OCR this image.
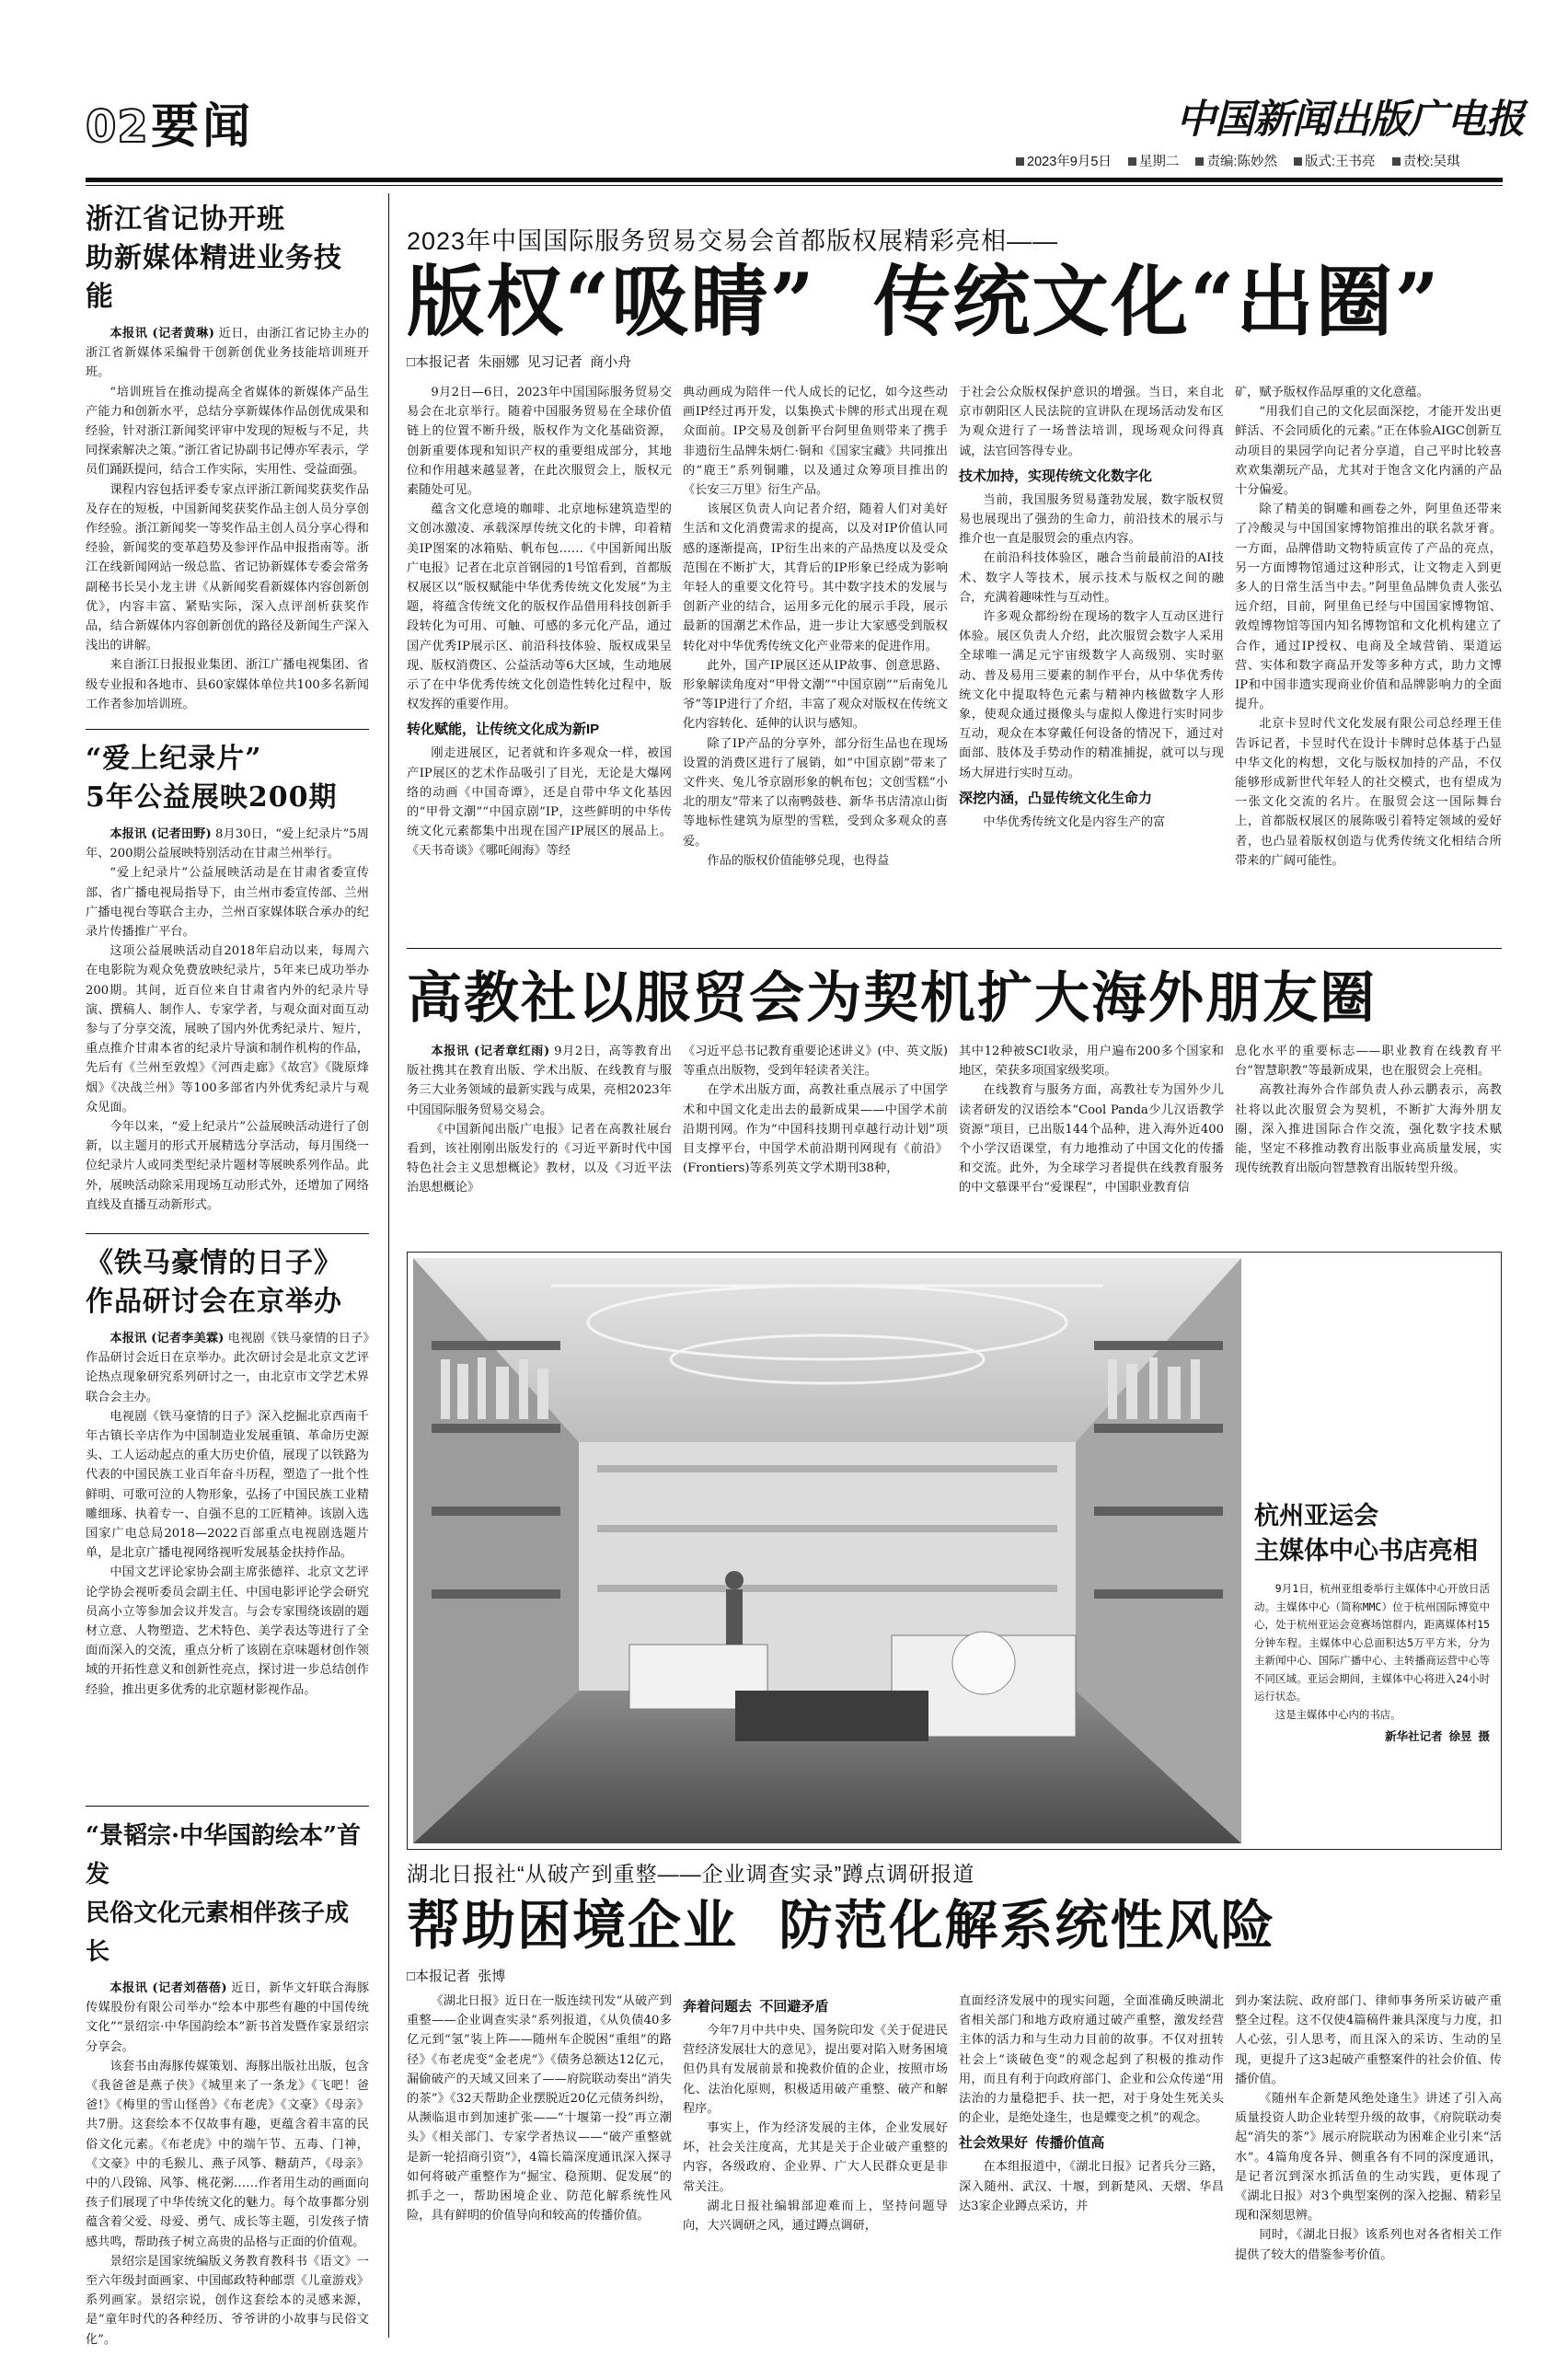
02 要闻	中国新闻出版广电报
2023年9月5日 星期二 责编:陈妙然 版式:王书亮 责校:吴琪

浙江省记协开班

助新媒体精进业务技能

本报讯 (记者黄琳) 近日，由浙江省记协主办的浙江省新媒体采编骨干创新创优业务技能培训班开班。

“培训班旨在推动提高全省媒体的新媒体产品生产能力和创新水平，总结分享新媒体作品创优成果和经验，针对浙江新闻奖评审中发现的短板与不足，共同探索解决之策。”浙江省记协副书记傅亦军表示，学员们踊跃提问，结合工作实际，实用性、受益面强。

课程内容包括评委专家点评浙江新闻奖获奖作品及存在的短板，中国新闻奖获奖作品主创人员分享创作经验。浙江新闻奖一等奖作品主创人员分享心得和经验，新闻奖的变革趋势及参评作品申报指南等。浙江在线新闻网站一级总监、省记协新媒体专委会常务副秘书长吴小龙主讲《从新闻奖看新媒体内容创新创优》，内容丰富、紧贴实际，深入点评剖析获奖作品，结合新媒体内容创新创优的路径及新闻生产深入浅出的讲解。

来自浙江日报报业集团、浙江广播电视集团、省级专业报和各地市、县60家媒体单位共100多名新闻工作者参加培训班。

“爱上纪录片”

5年公益展映200期

本报讯 (记者田野) 8月30日，“爱上纪录片”5周年、200期公益展映特别活动在甘肃兰州举行。

“爱上纪录片”公益展映活动是在甘肃省委宣传部、省广播电视局指导下，由兰州市委宣传部、兰州广播电视台等联合主办，兰州百家媒体联合承办的纪录片传播推广平台。

这项公益展映活动自2018年启动以来，每周六在电影院为观众免费放映纪录片，5年来已成功举办200期。其间，近百位来自甘肃省内外的纪录片导演、撰稿人、制作人、专家学者，与观众面对面互动参与了分享交流，展映了国内外优秀纪录片、短片，重点推介甘肃本省的纪录片导演和制作机构的作品，先后有《兰州至敦煌》《河西走廊》《故宫》《陇原烽烟》《决战兰州》等100多部省内外优秀纪录片与观众见面。

今年以来，“爱上纪录片”公益展映活动进行了创新，以主题月的形式开展精选分享活动，每月围绕一位纪录片人或同类型纪录片题材等展映系列作品。此外，展映活动除采用现场互动形式外，还增加了网络直线及直播互动新形式。

《铁马豪情的日子》

作品研讨会在京举办

本报讯 (记者李美霖) 电视剧《铁马豪情的日子》作品研讨会近日在京举办。此次研讨会是北京文艺评论热点现象研究系列研讨之一，由北京市文学艺术界联合会主办。

电视剧《铁马豪情的日子》深入挖掘北京西南千年古镇长辛店作为中国制造业发展重镇、革命历史源头、工人运动起点的重大历史价值，展现了以铁路为代表的中国民族工业百年奋斗历程，塑造了一批个性鲜明、可歌可泣的人物形象，弘扬了中国民族工业精雕细琢、执着专一、自强不息的工匠精神。该剧入选国家广电总局2018—2022百部重点电视剧选题片单，是北京广播电视网络视听发展基金扶持作品。

中国文艺评论家协会副主席张德祥、北京文艺评论学协会视听委员会副主任、中国电影评论学会研究员高小立等参加会议并发言。与会专家围绕该剧的题材立意、人物塑造、艺术特色、美学表达等进行了全面而深入的交流，重点分析了该剧在京味题材创作领域的开拓性意义和创新性亮点，探讨进一步总结创作经验，推出更多优秀的北京题材影视作品。

“景韬宗·中华国韵绘本”首发

民俗文化元素相伴孩子成长

本报讯 (记者刘蓓蓓) 近日，新华文轩联合海豚传媒股份有限公司举办“绘本中那些有趣的中国传统文化”“景绍宗·中华国韵绘本”新书首发暨作家景绍宗分享会。

该套书由海豚传媒策划、海豚出版社出版，包含《我爸爸是燕子侠》《城里来了一条龙》《飞吧！爸爸!》《梅里的雪山怪兽》《布老虎》《文豪》《母亲》共7册。这套绘本不仅故事有趣，更蕴含着丰富的民俗文化元素。《布老虎》中的端午节、五毒、门神，《文豪》中的毛猴儿、燕子风筝、糖葫芦，《母亲》中的八段锦、风筝、桃花粥……作者用生动的画面向孩子们展现了中华传统文化的魅力。每个故事都分别蕴含着父爱、母爱、勇气、成长等主题，引发孩子情感共鸣，帮助孩子树立高贵的品格与正面的价值观。

景绍宗是国家统编版义务教育教科书《语文》一至六年级封面画家、中国邮政特种邮票《儿童游戏》系列画家。景绍宗说，创作这套绘本的灵感来源，是“童年时代的各种经历、爷爷讲的小故事与民俗文化”。

2023年中国国际服务贸易交易会首都版权展精彩亮相——

版权“吸睛”  传统文化“出圈”

□本报记者  朱丽娜  见习记者  商小舟

9月2日—6日，2023年中国国际服务贸易交易会在北京举行。随着中国服务贸易在全球价值链上的位置不断升级，版权作为文化基础资源，创新重要体现和知识产权的重要组成部分，其地位和作用越来越显著，在此次服贸会上，版权元素随处可见。

蕴含文化意境的咖啡、北京地标建筑造型的文创冰激凌、承载深厚传统文化的卡牌，印着精美IP图案的冰箱贴、帆布包……《中国新闻出版广电报》记者在北京首钢园的1号馆看到，首都版权展区以“版权赋能中华优秀传统文化发展”为主题，将蕴含传统文化的版权作品借用科技创新手段转化为可用、可触、可感的多元化产品，通过国产优秀IP展示区、前沿科技体验、版权成果呈现、版权消费区、公益活动等6大区域，生动地展示了在中华优秀传统文化创造性转化过程中，版权发挥的重要作用。

转化赋能，让传统文化成为新IP

刚走进展区，记者就和许多观众一样，被国产IP展区的艺术作品吸引了目光，无论是大爆网络的动画《中国奇谭》，还是自带中华文化基因的“甲骨文潮”“中国京剧”IP，这些鲜明的中华传统文化元素都集中出现在国产IP展区的展品上。《天书奇谈》《哪吒闹海》等经

典动画成为陪伴一代人成长的记忆，如今这些动画IP经过再开发，以集换式卡牌的形式出现在观众面前。IP交易及创新平台阿里鱼则带来了携手非遗衍生品牌朱炳仁·铜和《国家宝藏》共同推出的“鹿王”系列铜雕，以及通过众筹项目推出的《长安三万里》衍生产品。

该展区负责人向记者介绍，随着人们对美好生活和文化消费需求的提高，以及对IP价值认同感的逐渐提高，IP衍生出来的产品热度以及受众范围在不断扩大，其背后的IP形象已经成为影响年轻人的重要文化符号。其中数字技术的发展与创新产业的结合，运用多元化的展示手段，展示最新的国潮艺术作品，进一步让大家感受到版权转化对中华优秀传统文化产业带来的促进作用。

此外，国产IP展区还从IP故事、创意思路、形象解读角度对“甲骨文潮”“中国京剧”“后南兔儿爷”等IP进行了介绍，丰富了观众对版权在传统文化内容转化、延伸的认识与感知。

除了IP产品的分享外，部分衍生品也在现场设置的消费区进行了展销，如“中国京剧”带来了文件夹、兔儿爷京剧形象的帆布包；文创雪糕“小北的朋友”带来了以南鸭鼓巷、新华书店清凉山街等地标性建筑为原型的雪糕，受到众多观众的喜爱。

作品的版权价值能够兑现，也得益

于社会公众版权保护意识的增强。当日，来自北京市朝阳区人民法院的宣讲队在现场活动发布区为观众进行了一场普法培训，现场观众问得真诚，法官回答得专业。

技术加持，实现传统文化数字化

当前，我国服务贸易蓬勃发展，数字版权贸易也展现出了强劲的生命力，前沿技术的展示与推介也一直是服贸会的重点内容。

在前沿科技体验区，融合当前最前沿的AI技术、数字人等技术，展示技术与版权之间的融合，充满着趣味性与互动性。

许多观众都纷纷在现场的数字人互动区进行体验。展区负责人介绍，此次服贸会数字人采用全球唯一满足元宇宙级数字人高级别、实时驱动、普及易用三要素的制作平台，从中华优秀传统文化中提取特色元素与精神内核做数字人形象，使观众通过摄像头与虚拟人像进行实时同步互动，观众在本穿戴任何设备的情况下，通过对面部、肢体及手势动作的精准捕捉，就可以与现场大屏进行实时互动。

深挖内涵，凸显传统文化生命力

中华优秀传统文化是内容生产的富

矿，赋予版权作品厚重的文化意蕴。

“用我们自己的文化层面深挖，才能开发出更鲜活、不会同质化的元素。”正在体验AIGC创新互动项目的果园学向记者分享道，自己平时比较喜欢欢集潮玩产品，尤其对于饱含文化内涵的产品十分偏爱。

除了精美的铜雕和画卷之外，阿里鱼还带来了冷酸灵与中国国家博物馆推出的联名款牙膏。一方面，品牌借助文物特质宣传了产品的亮点，另一方面博物馆通过这种形式，让文物走入到更多人的日常生活当中去。”阿里鱼品牌负责人张弘远介绍，目前，阿里鱼已经与中国国家博物馆、敦煌博物馆等国内知名博物馆和文化机构建立了合作，通过IP授权、电商及全域营销、渠道运营、实体和数字商品开发等多种方式，助力文博IP和中国非遗实现商业价值和品牌影响力的全面提升。

北京卡昱时代文化发展有限公司总经理王佳告诉记者，卡昱时代在设计卡牌时总体基于凸显中华文化的构想，文化与版权加持的产品，不仅能够形成新世代年轻人的社交模式，也有望成为一张文化交流的名片。在服贸会这一国际舞台上，首都版权展区的展陈吸引着特定领域的爱好者，也凸显着版权创造与优秀传统文化相结合所带来的广阔可能性。

高教社以服贸会为契机扩大海外朋友圈

本报讯 (记者章红雨) 9月2日，高等教育出版社携其在教育出版、学术出版、在线教育与服务三大业务领域的最新实践与成果，亮相2023年中国国际服务贸易交易会。

《中国新闻出版广电报》记者在高教社展台看到，该社刚刚出版发行的《习近平新时代中国特色社会主义思想概论》教材，以及《习近平法治思想概论》

《习近平总书记教育重要论述讲义》(中、英文版)等重点出版物，受到年轻读者关注。

在学术出版方面，高教社重点展示了中国学术和中国文化走出去的最新成果——中国学术前沿期刊网。作为“中国科技期刊卓越行动计划”项目支撑平台，中国学术前沿期刊网现有《前沿》(Frontiers)等系列英文学术期刊38种，

其中12种被SCI收录，用户遍布200多个国家和地区，荣获多项国家级奖项。

在线教育与服务方面，高教社专为国外少儿读者研发的汉语绘本“Cool Panda少儿汉语教学资源”项目，已出版144个品种，进入海外近400个小学汉语课堂，有力地推动了中国文化的传播和交流。此外，为全球学习者提供在线教育服务的中文慕课平台“爱课程”，中国职业教育信

息化水平的重要标志——职业教育在线教育平台“智慧职教”等最新成果，也在服贸会上亮相。

高教社海外合作部负责人孙云鹏表示，高教社将以此次服贸会为契机，不断扩大海外朋友圈，深入推进国际合作交流，强化数字技术赋能，坚定不移推动教育出版事业高质量发展，实现传统教育出版向智慧教育出版转型升级。

杭州亚运会

主媒体中心书店亮相

9月1日，杭州亚组委举行主媒体中心开放日活动。主媒体中心（简称MMC）位于杭州国际博览中心，处于杭州亚运会竞赛场馆群内，距离媒体村15分钟车程。主媒体中心总面积达5万平方米，分为主新闻中心、国际广播中心、主转播商运营中心等不同区域。亚运会期间，主媒体中心将进入24小时运行状态。

这是主媒体中心内的书店。

新华社记者  徐昱  摄

湖北日报社“从破产到重整——企业调查实录”蹲点调研报道

帮助困境企业  防范化解系统性风险

□本报记者  张博

《湖北日报》近日在一版连续刊发“从破产到重整——企业调查实录”系列报道，《从负债40多亿元到“氢”装上阵——随州车企脱困“重组”的路径》《布老虎变“金老虎”》《债务总额达12亿元，漏偷破产的天域又回来了——府院联动奏出“消失的茶”》《32天帮助企业摆脱近20亿元债务纠纷，从濒临退市到加速扩张——“十堰第一投”再立潮头》《相关部门、专家学者热议——“破产重整就是新一轮招商引资”》，4篇长篇深度通讯深入探寻如何将破产重整作为“掘宝、稳预期、促发展”的抓手之一，帮助困境企业、防范化解系统性风险，具有鲜明的价值导向和较高的传播价值。

奔着问题去  不回避矛盾

今年7月中共中央、国务院印发《关于促进民营经济发展壮大的意见》，提出要对陷入财务困境但仍具有发展前景和挽救价值的企业，按照市场化、法治化原则，积极适用破产重整、破产和解程序。

事实上，作为经济发展的主体，企业发展好坏，社会关注度高，尤其是关于企业破产重整的内容，各级政府、企业界、广大人民群众更是非常关注。

湖北日报社编辑部迎难而上，坚持问题导向，大兴调研之风，通过蹲点调研，

直面经济发展中的现实问题，全面准确反映湖北省相关部门和地方政府通过破产重整，激发经营主体的活力和与生动力目前的故事。不仅对扭转社会上“谈破色变”的观念起到了积极的推动作用，而且有利于向政府部门、企业和公众传递“用法治的力量稳把手、扶一把，对于身处生死关头的企业，是绝处逢生，也是蝶变之机”的观念。

社会效果好  传播价值高

在本组报道中，《湖北日报》记者兵分三路，深入随州、武汉、十堰，到新楚风、天熠、华昌达3家企业蹲点采访，并

到办案法院、政府部门、律师事务所采访破产重整全过程。这不仅使4篇稿件兼具深度与力度，扣人心弦，引人思考，而且深入的采访、生动的呈现，更提升了这3起破产重整案件的社会价值、传播价值。

《随州车企新楚风绝处逢生》讲述了引入高质量投资人助企业转型升级的故事，《府院联动奏起“消失的茶”》展示府院联动为困难企业引来“活水”。4篇角度各异、侧重各有不同的深度通讯，是记者沉到深水抓活鱼的生动实践，更体现了《湖北日报》对3个典型案例的深入挖掘、精彩呈现和深刻思辨。

同时，《湖北日报》该系列也对各省相关工作提供了较大的借鉴参考价值。
